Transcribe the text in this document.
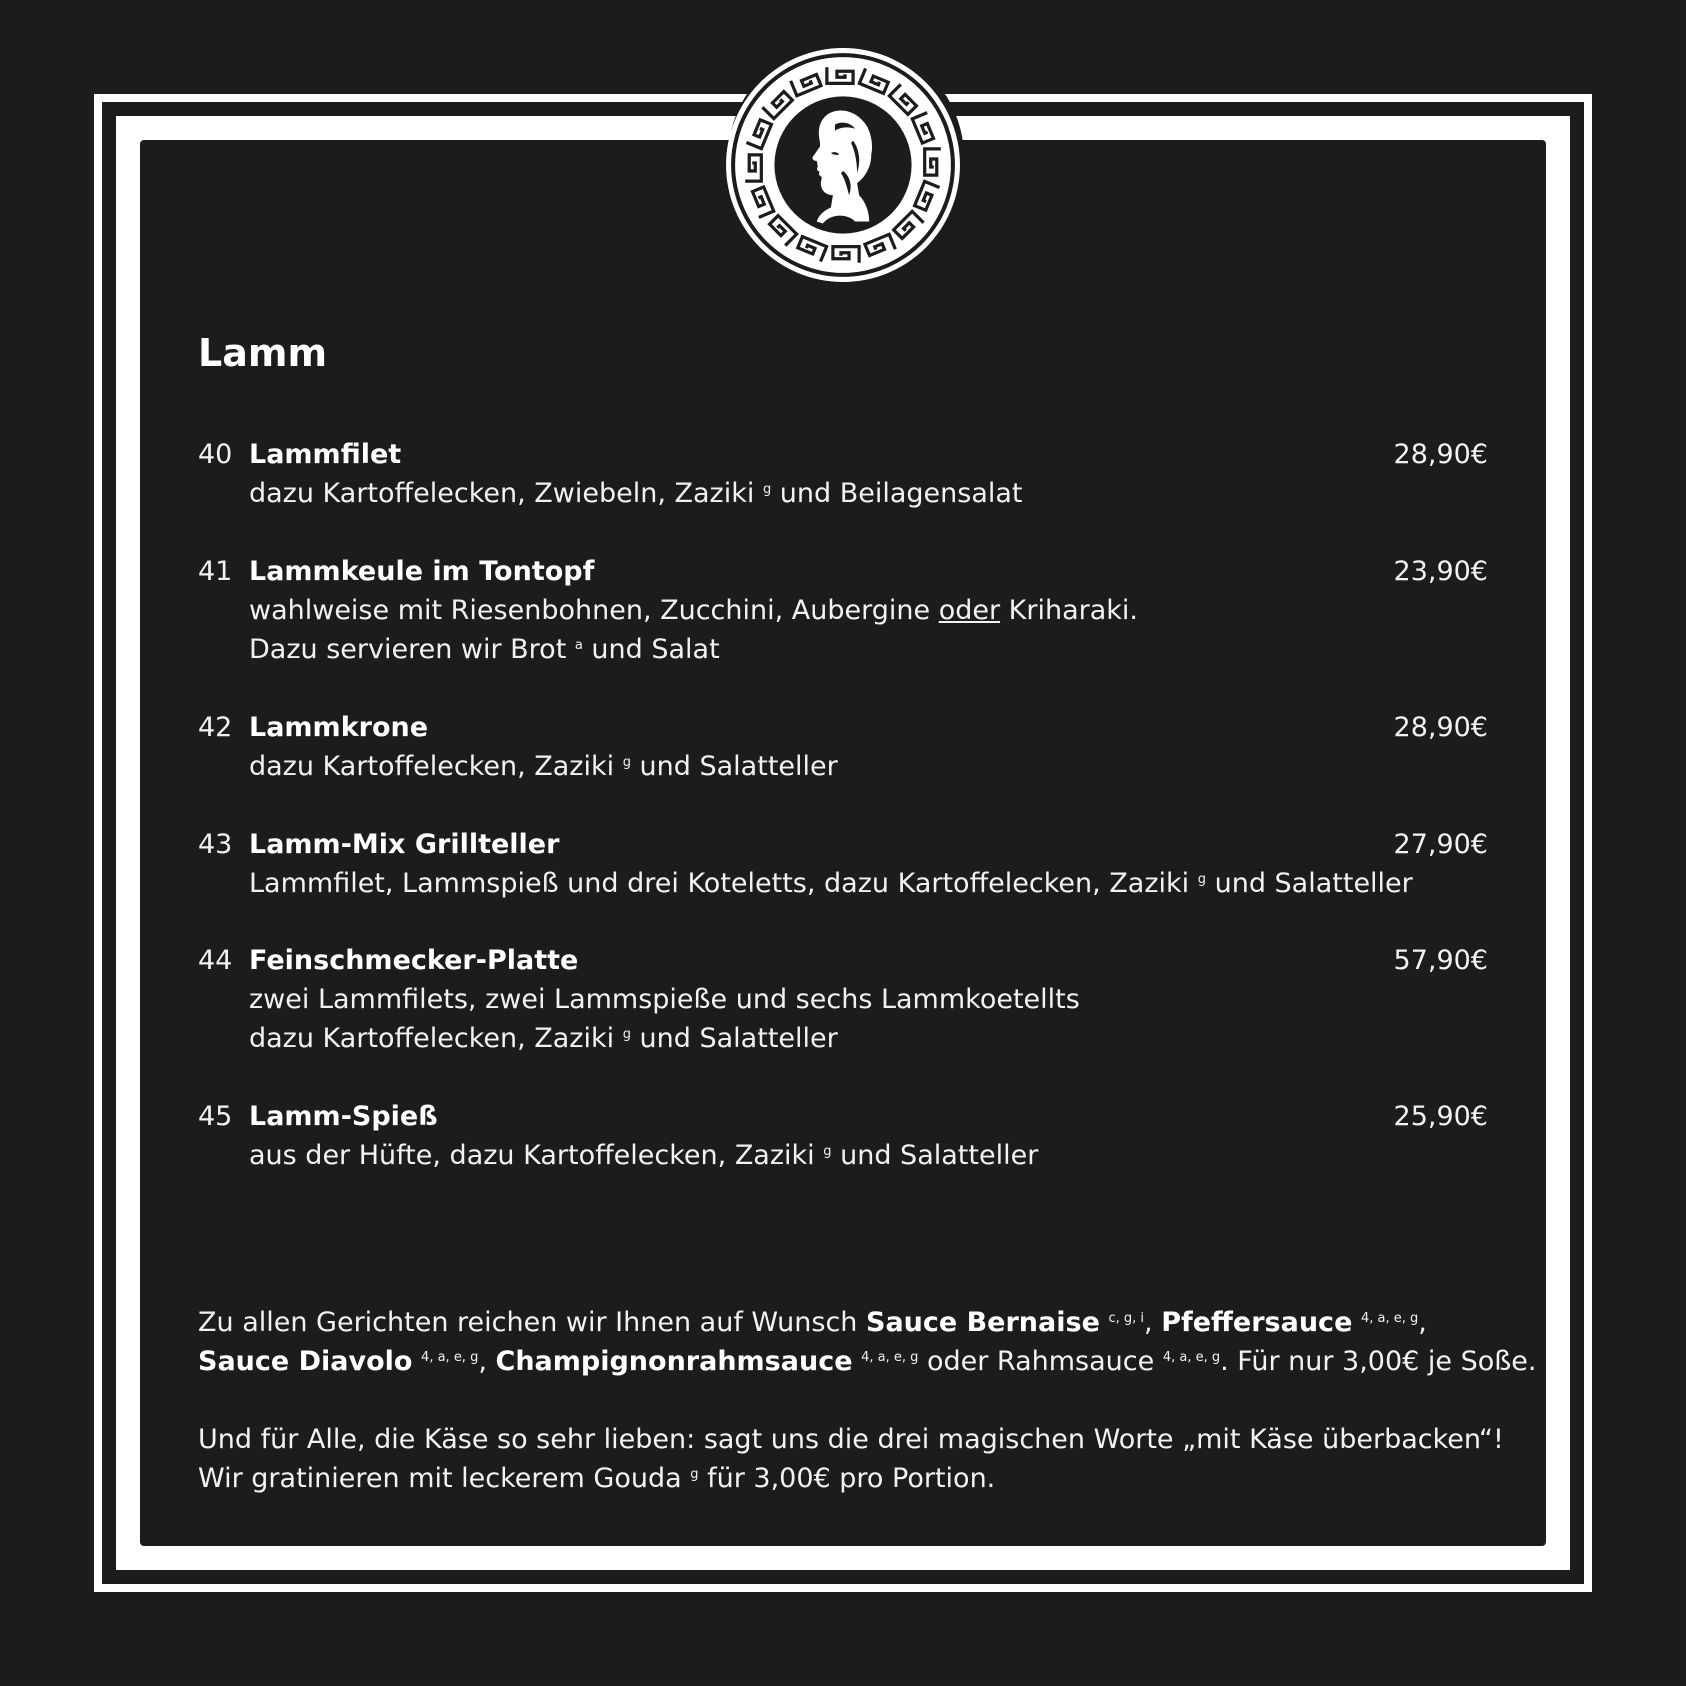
Lamm
40 Lammfilet	28,90€
dazu Kartoffelecken, Zwiebeln, Zaziki $^g$ und Beilagensalat
41 Lammkeule im Tontopf	23,90€
wahlweise mit Riesenbohnen, Zucchini, Aubergine oder Kriharaki.
Dazu servieren wir Brot $^a$ und Salat
42 Lammkrone	28,90€
dazu Kartoffelecken, Zaziki $^g$ und Salatteller
43 Lamm-Mix Grillteller	27,90€
Lammfilet, Lammspieß und drei Koteletts, dazu Kartoffelecken, Zaziki $^g$ und Salatteller
44 Feinschmecker-Platte	57,90€
zwei Lammfilets, zwei Lammspieße und sechs Lammkoetellts
dazu Kartoffelecken, Zaziki $^g$ und Salatteller
45 Lamm-Spieß	25,90€
aus der Hüfte, dazu Kartoffelecken, Zaziki $^g$ und Salatteller
Zu allen Gerichten reichen wir Ihnen auf Wunsch Sauce Bernaise $^{c, g, i}$, Pfeffersauce $^{4, a, e, g}$,
Sauce Diavolo $^{4, a, e, g}$, Champignonrahmsauce $^{4, a, e, g}$ oder Rahmsauce $^{4, a, e, g}$. Für nur 3,00€ je Soße.
Und für Alle, die Käse so sehr lieben: sagt uns die drei magischen Worte „mit Käse überbacken“!
Wir gratinieren mit leckerem Gouda $^g$ für 3,00€ pro Portion.
